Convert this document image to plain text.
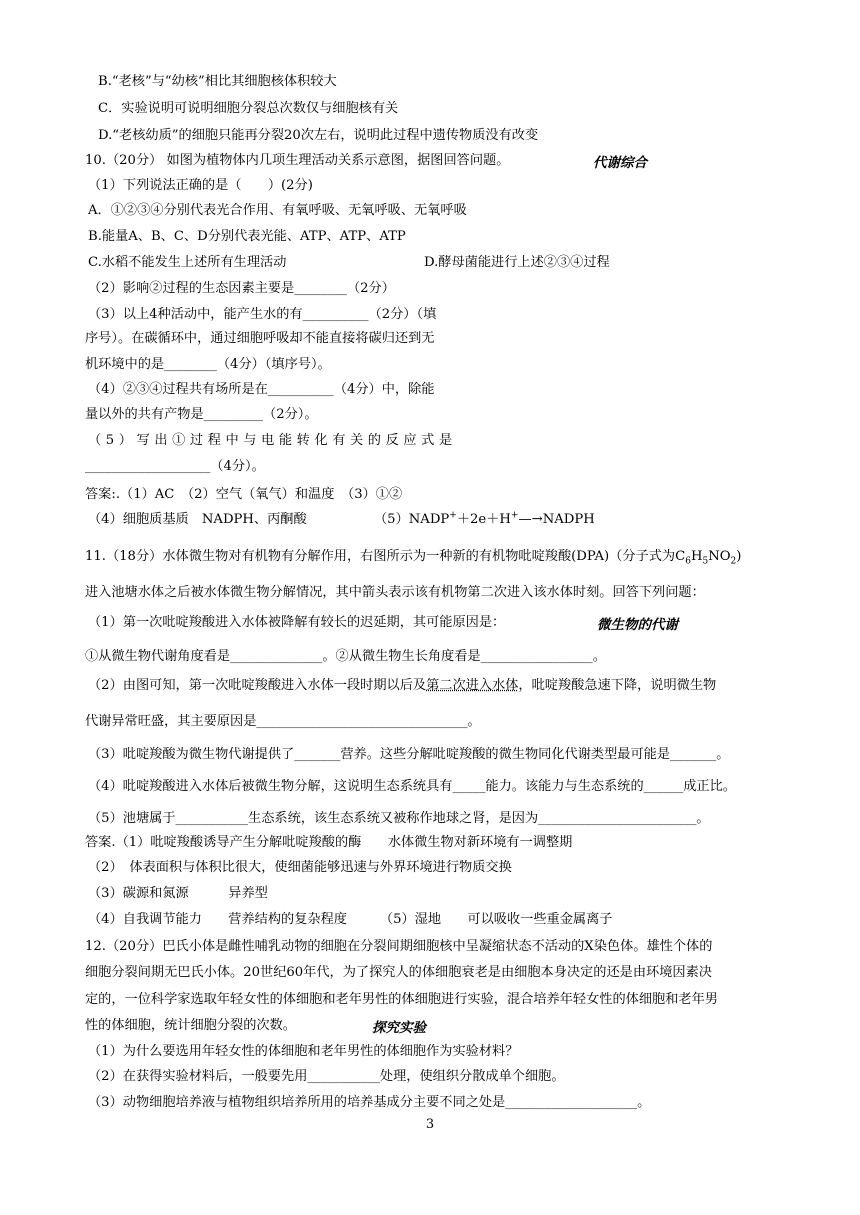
B.“老核”与“幼核”相比其细胞核体积较大
C．实验说明可说明细胞分裂总次数仅与细胞核有关
D.“老核幼质”的细胞只能再分裂20次左右，说明此过程中遗传物质没有改变
10.（20分） 如图为植物体内几项生理活动关系示意图，据图回答问题。	代谢综合
（1）下列说法正确的是（　　）(2分)
A．①②③④分别代表光合作用、有氧呼吸、无氧呼吸、无氧呼吸
B.能量A、B、C、D分别代表光能、ATP、ATP、ATP
C.水稻不能发生上述所有生理活动	D.酵母菌能进行上述②③④过程
（2）影响②过程的生态因素主要是________（2分）
（3）以上4种活动中，能产生水的有__________（2分）（填
序号）。在碳循环中，通过细胞呼吸却不能直接将碳归还到无
机环境中的是________（4分）（填序号）。
（4）②③④过程共有场所是在__________（4分）中，除能
量以外的共有产物是_________（2分）。
（5）写出①过程中与电能转化有关的反应式是
___________________（4分）。
答案:.（1）AC　（2）空气（氧气）和温度　（3）①②
（4）细胞质基质　NADPH、丙酮酸	（5）NADP+＋2e＋H+—→NADPH
11.（18分）水体微生物对有机物有分解作用，右图所示为一种新的有机物吡啶羧酸(DPA)（分子式为$C_6H_5NO_2$)
进入池塘水体之后被水体微生物分解情况，其中箭头表示该有机物第二次进入该水体时刻。回答下列问题：
（1）第一次吡啶羧酸进入水体被降解有较长的迟延期，其可能原因是：	微生物的代谢
①从微生物代谢角度看是______________。②从微生物生长角度看是_________________。
（2）由图可知，第一次吡啶羧酸进入水体一段时期以后及第二次进入水体，吡啶羧酸急速下降，说明微生物
代谢异常旺盛，其主要原因是________________________________。
（3）吡啶羧酸为微生物代谢提供了_______营养。这些分解吡啶羧酸的微生物同化代谢类型最可能是_______。
（4）吡啶羧酸进入水体后被微生物分解，这说明生态系统具有_____能力。该能力与生态系统的______成正比。
（5）池塘属于___________生态系统，该生态系统又被称作地球之肾，是因为________________________。
答案.（1）吡啶羧酸诱导产生分解吡啶羧酸的酶　　水体微生物对新环境有一调整期
（2）　体表面积与体积比很大，使细菌能够迅速与外界环境进行物质交换
（3）碳源和氮源　　　异养型
（4）自我调节能力　　营养结构的复杂程度　　　（5）湿地　　可以吸收一些重金属离子
12.（20分）巴氏小体是雌性哺乳动物的细胞在分裂间期细胞核中呈凝缩状态不活动的X染色体。雄性个体的
细胞分裂间期无巴氏小体。20世纪60年代，为了探究人的体细胞衰老是由细胞本身决定的还是由环境因素决
定的，一位科学家选取年轻女性的体细胞和老年男性的体细胞进行实验，混合培养年轻女性的体细胞和老年男
性的体细胞，统计细胞分裂的次数。	探究实验
（1）为什么要选用年轻女性的体细胞和老年男性的体细胞作为实验材料？
（2）在获得实验材料后，一般要先用___________处理，使组织分散成单个细胞。
（3）动物细胞培养液与植物组织培养所用的培养基成分主要不同之处是____________________。
3
